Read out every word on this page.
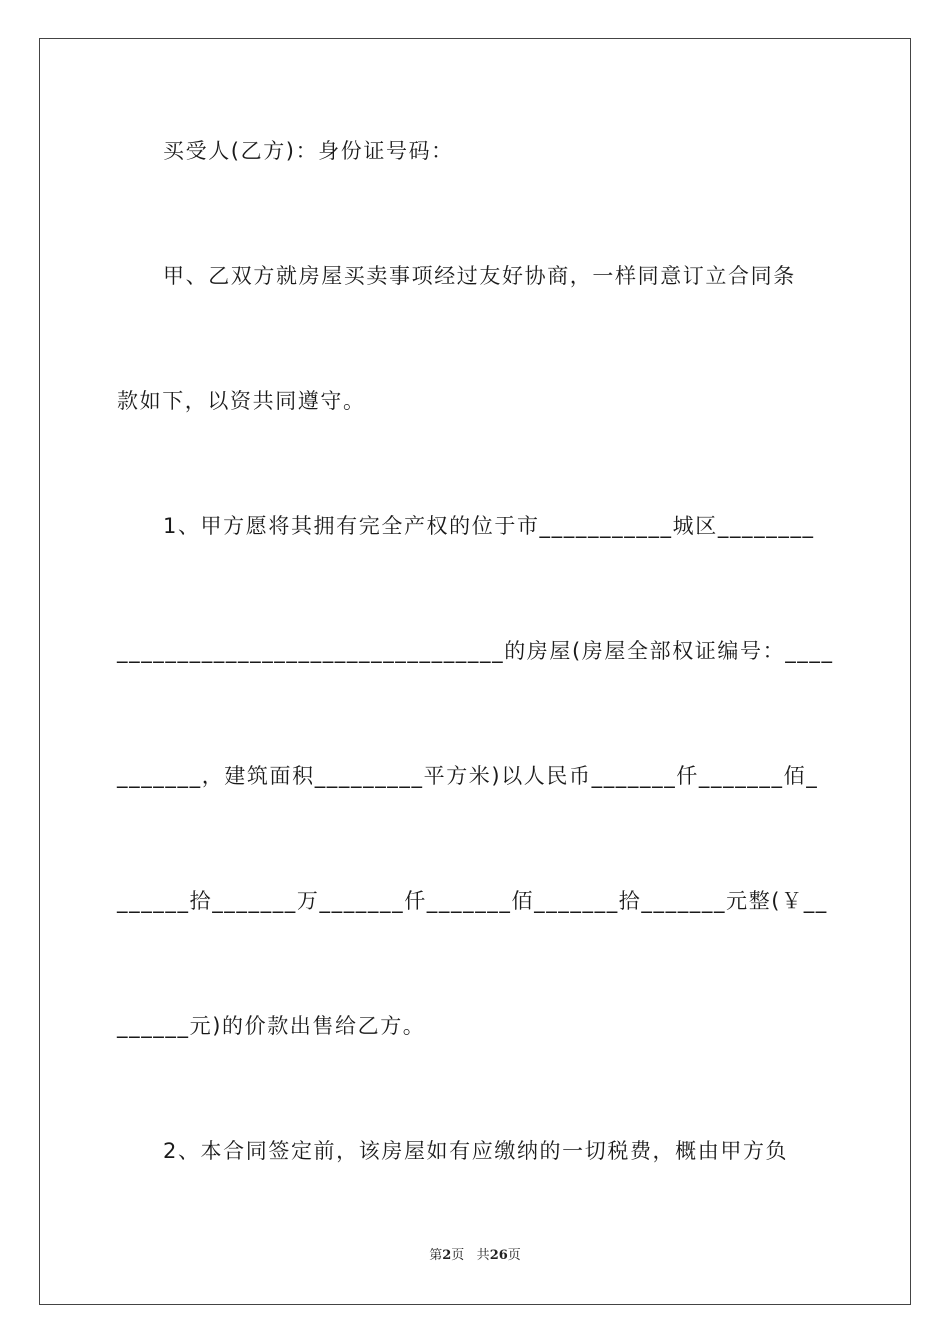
买受人(乙方)：身份证号码：
甲、乙双方就房屋买卖事项经过友好协商，一样同意订立合同条
款如下，以资共同遵守。
1、甲方愿将其拥有完全产权的位于市___________城区________
________________________________的房屋(房屋全部权证编号：____
_______，建筑面积_________平方米)以人民币_______仟_______佰_
______拾_______万_______仟_______佰_______拾_______元整(￥__
______元)的价款出售给乙方。
2、本合同签定前，该房屋如有应缴纳的一切税费，概由甲方负
第2页 共26页
